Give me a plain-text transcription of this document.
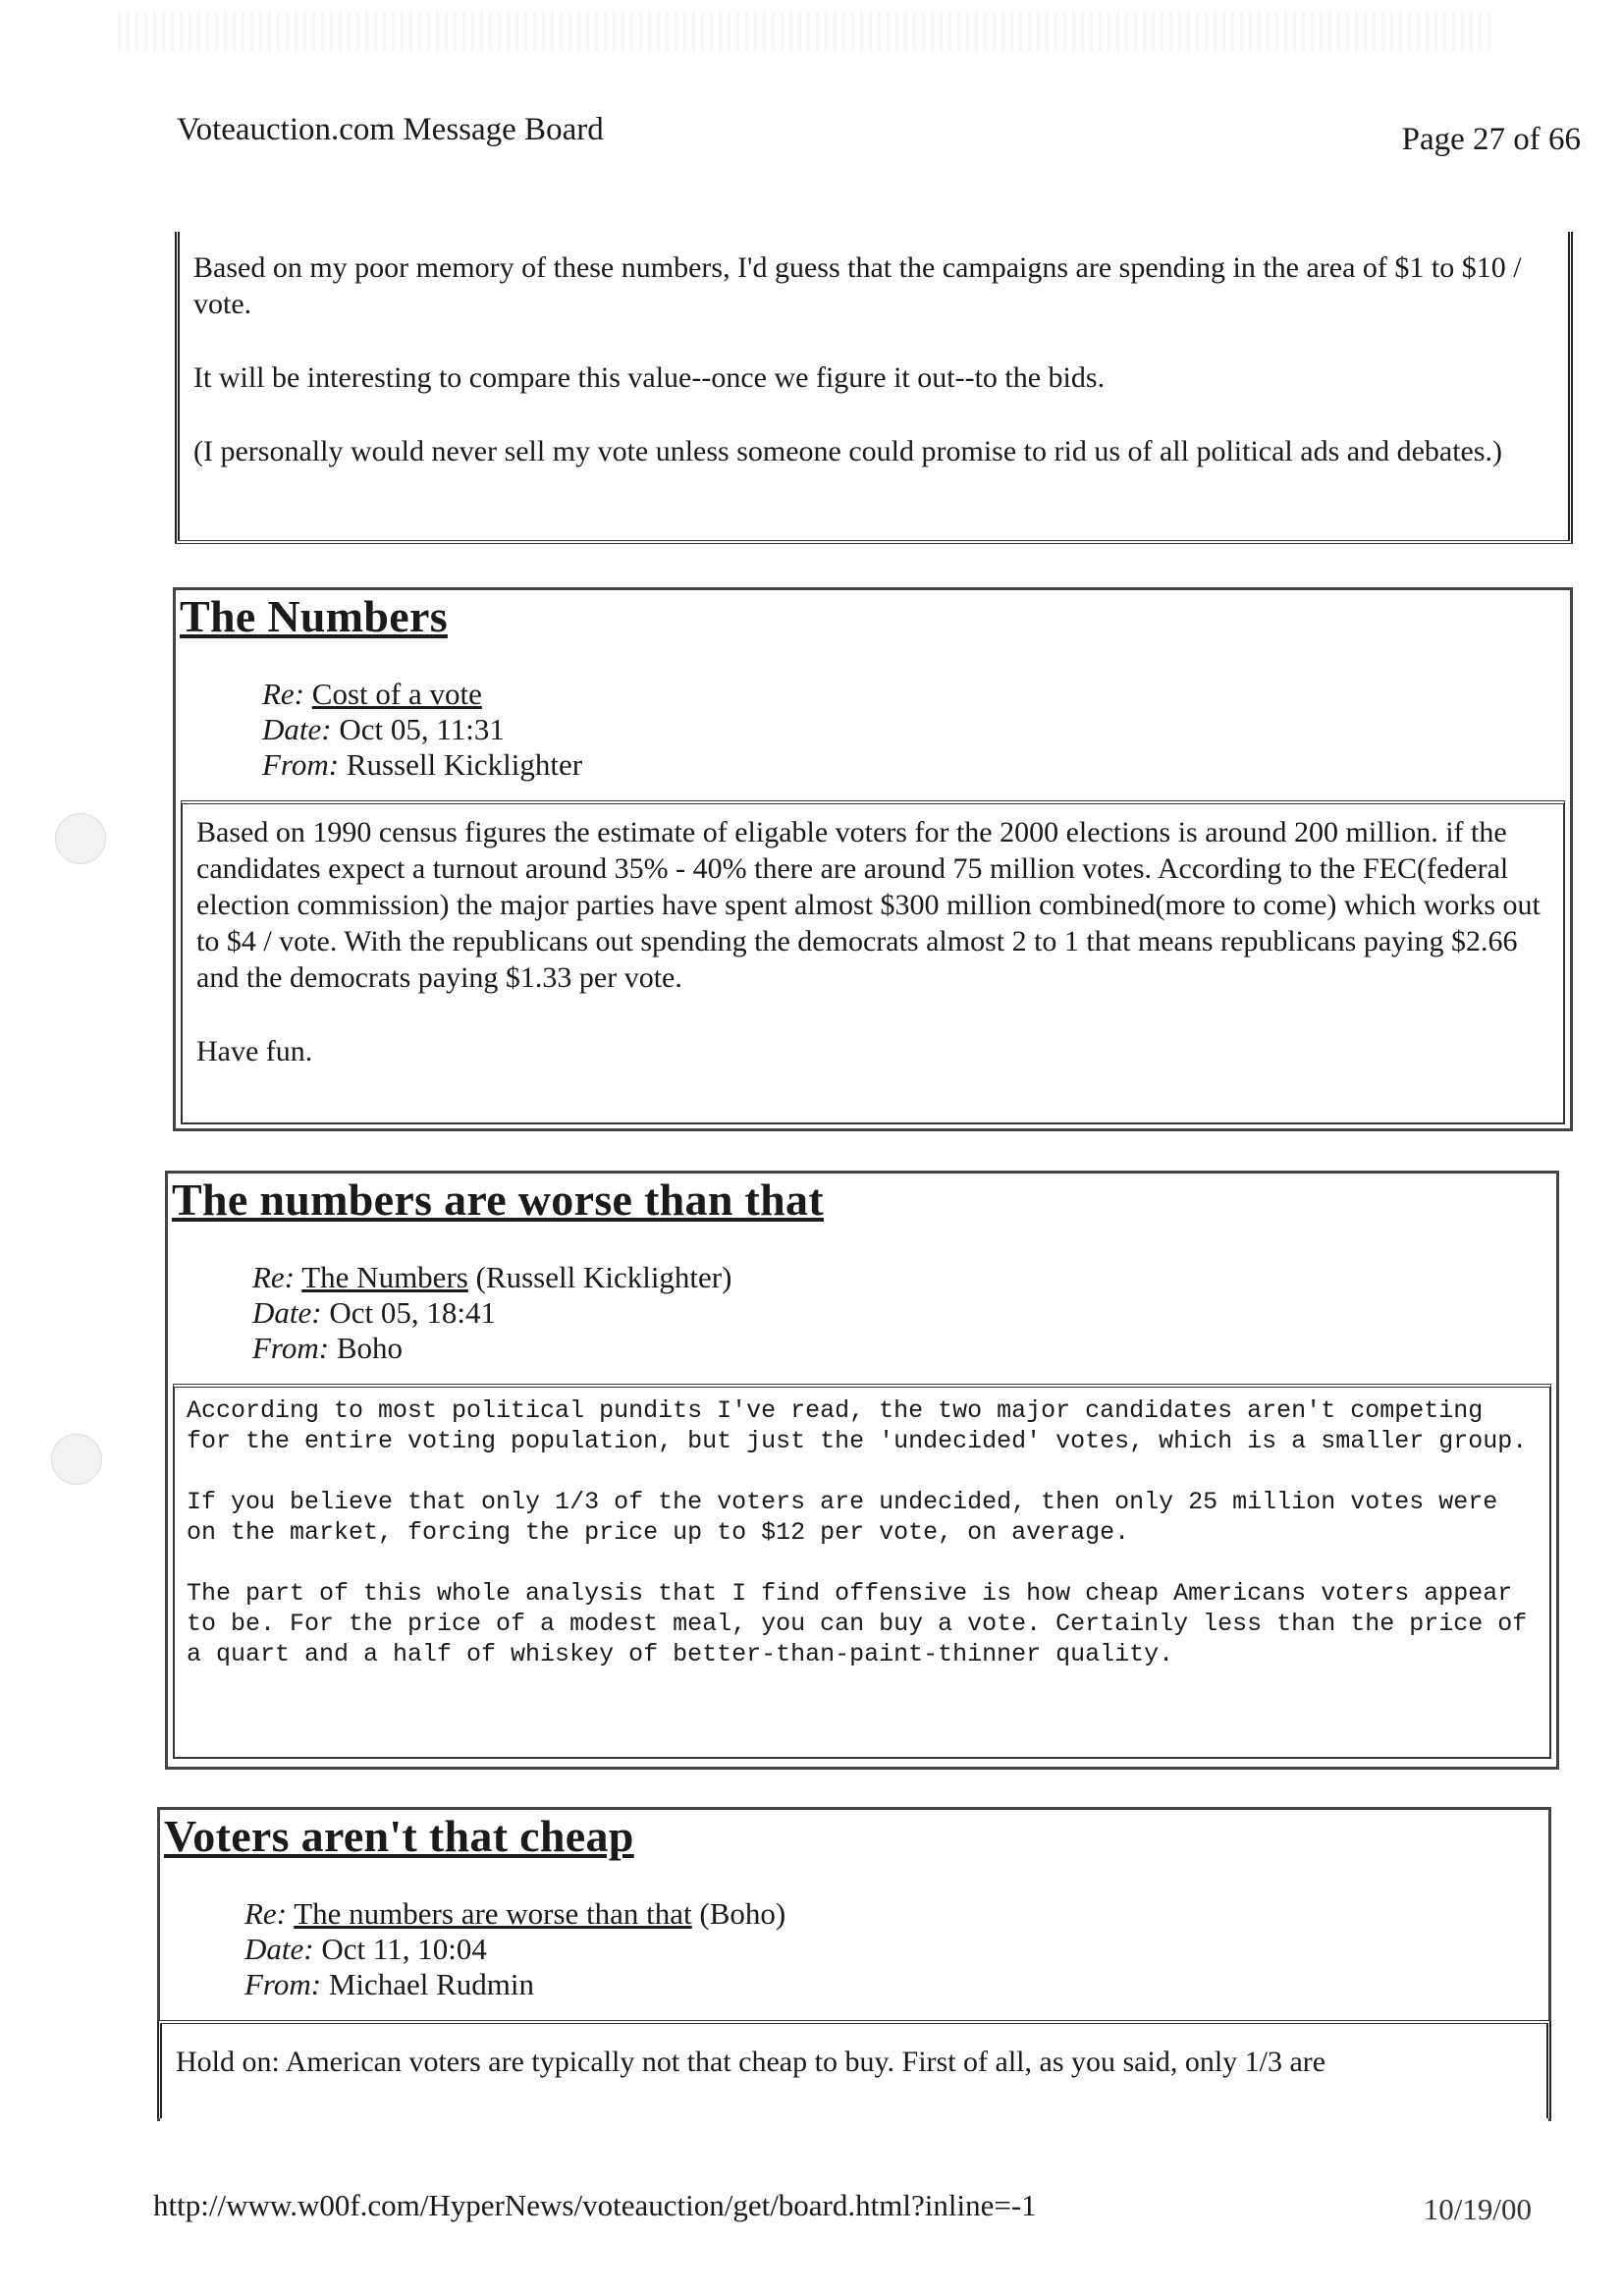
Voteauction.com Message Board	Page 27 of 66

Based on my poor memory of these numbers, I'd guess that the campaigns are spending in the area of $1 to $10 / vote.

It will be interesting to compare this value--once we figure it out--to the bids.

(I personally would never sell my vote unless someone could promise to rid us of all political ads and debates.)

The Numbers
Re: Cost of a vote
Date: Oct 05, 11:31
From: Russell Kicklighter

Based on 1990 census figures the estimate of eligable voters for the 2000 elections is around 200 million. if the candidates expect a turnout around 35% - 40% there are around 75 million votes. According to the FEC(federal election commission) the major parties have spent almost $300 million combined(more to come) which works out to $4 / vote. With the republicans out spending the democrats almost 2 to 1 that means republicans paying $2.66 and the democrats paying $1.33 per vote.

Have fun.

The numbers are worse than that
Re: The Numbers (Russell Kicklighter)
Date: Oct 05, 18:41
From: Boho

According to most political pundits I've read, the two major candidates aren't competing for the entire voting population, but just the 'undecided' votes, which is a smaller group.

If you believe that only 1/3 of the voters are undecided, then only 25 million votes were on the market, forcing the price up to $12 per vote, on average.

The part of this whole analysis that I find offensive is how cheap Americans voters appear to be. For the price of a modest meal, you can buy a vote. Certainly less than the price of a quart and a half of whiskey of better-than-paint-thinner quality.

Voters aren't that cheap
Re: The numbers are worse than that (Boho)
Date: Oct 11, 10:04
From: Michael Rudmin

Hold on: American voters are typically not that cheap to buy. First of all, as you said, only 1/3 are

http://www.w00f.com/HyperNews/voteauction/get/board.html?inline=-1	10/19/00
